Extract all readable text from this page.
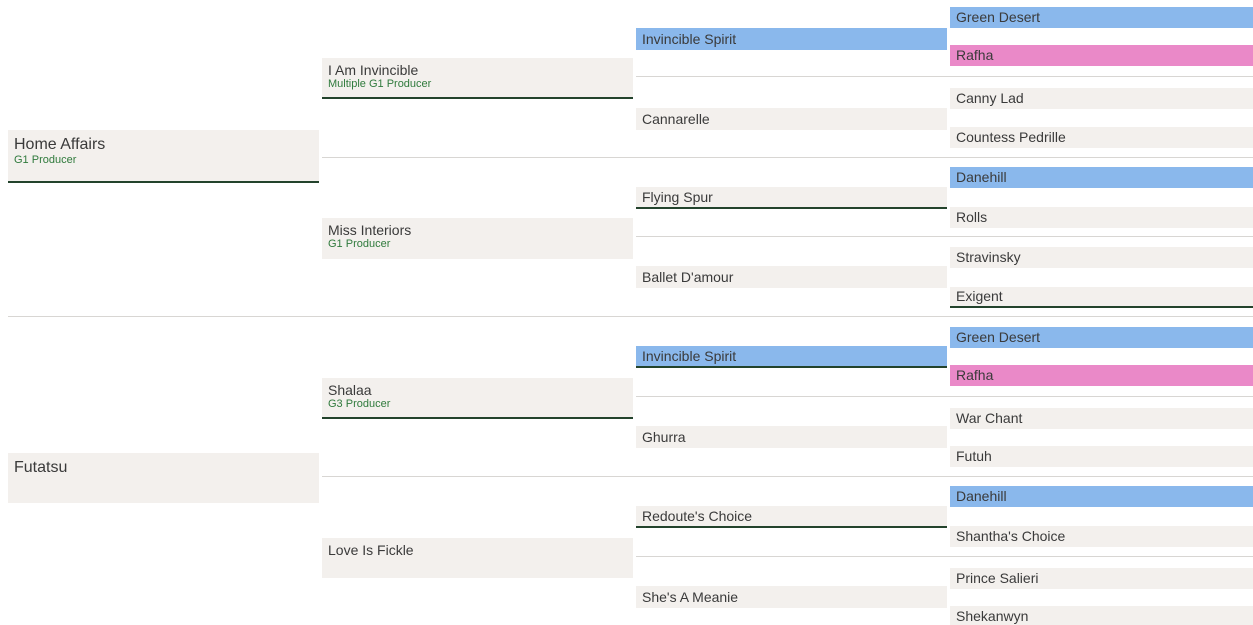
Home Affairs
G1 Producer
Futatsu
I Am Invincible
Multiple G1 Producer
Miss Interiors
G1 Producer
Shalaa
G3 Producer
Love Is Fickle
Invincible Spirit
Cannarelle
Flying Spur
Ballet D'amour
Invincible Spirit
Ghurra
Redoute's Choice
She's A Meanie
Green Desert
Rafha
Canny Lad
Countess Pedrille
Danehill
Rolls
Stravinsky
Exigent
Green Desert
Rafha
War Chant
Futuh
Danehill
Shantha's Choice
Prince Salieri
Shekanwyn
